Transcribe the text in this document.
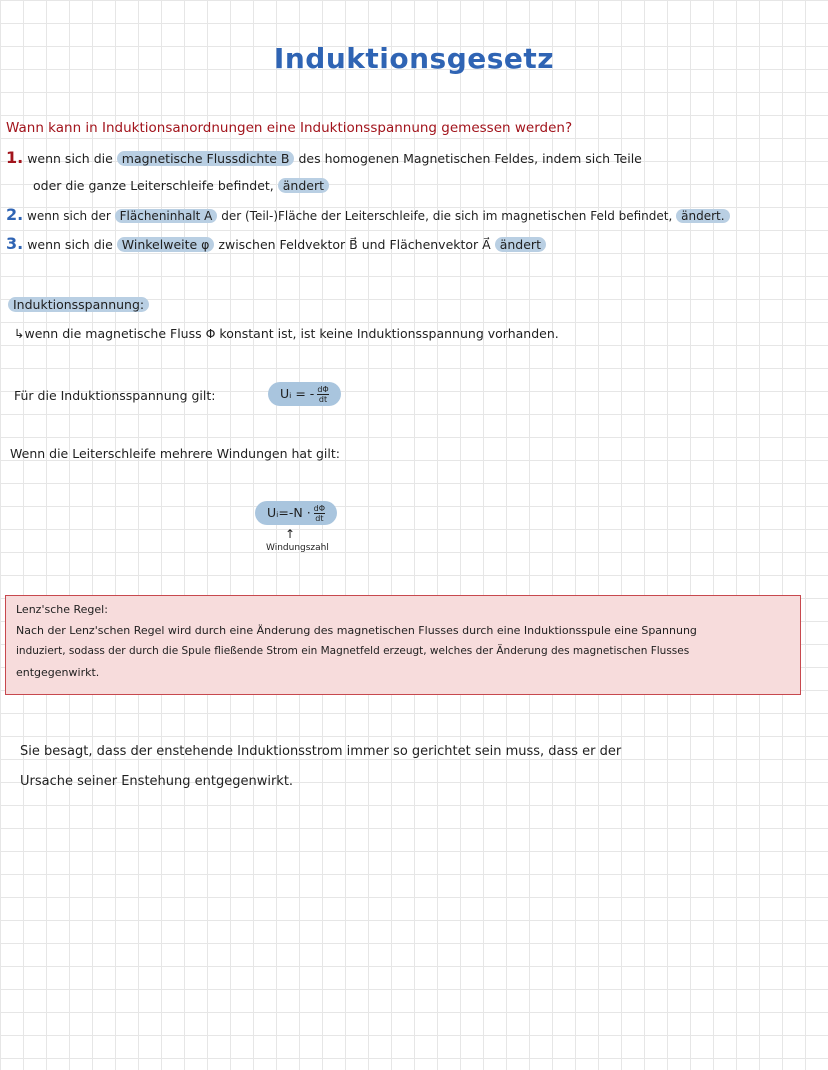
Induktionsgesetz
Wann kann in Induktionsanordnungen eine Induktionsspannung gemessen werden?
1. wenn sich die magnetische Flussdichte B des homogenen Magnetischen Feldes, indem sich Teile
oder die ganze Leiterschleife befindet, ändert
2. wenn sich der Flächeninhalt A der (Teil-)Fläche der Leiterschleife, die sich im magnetischen Feld befindet, ändert.
3. wenn sich die Winkelweite φ zwischen Feldvektor B⃗ und Flächenvektor A⃗ ändert
Induktionsspannung:
↳wenn die magnetische Fluss Φ konstant ist, ist keine Induktionsspannung vorhanden.
Für die Induktionsspannung gilt:	Uᵢ = - $\frac{d\Phi}{dt}$
Wenn die Leiterschleife mehrere Windungen hat gilt:
Uᵢ=-N · $\frac{d\Phi}{dt}$
↑
Windungszahl
Lenz'sche Regel:
Nach der Lenz'schen Regel wird durch eine Änderung des magnetischen Flusses durch eine Induktionsspule eine Spannung
induziert, sodass der durch die Spule fließende Strom ein Magnetfeld erzeugt, welches der Änderung des magnetischen Flusses
entgegenwirkt.
Sie besagt, dass der enstehende Induktionsstrom immer so gerichtet sein muss, dass er der
Ursache seiner Enstehung entgegenwirkt.
